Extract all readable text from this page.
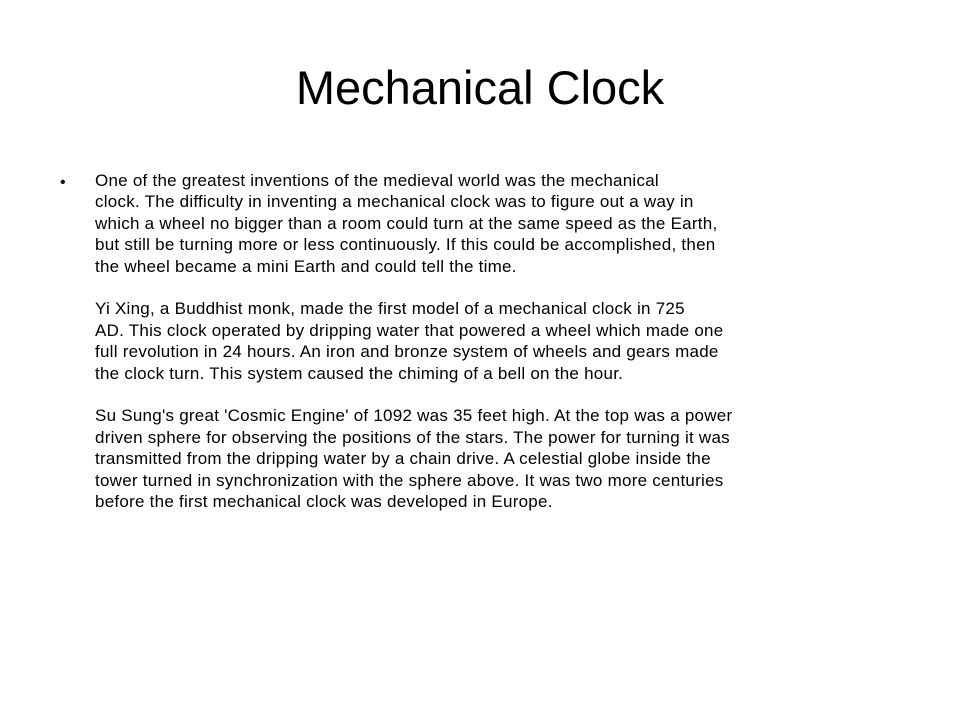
Mechanical Clock
• One of the greatest inventions of the medieval world was the mechanical
clock. The difficulty in inventing a mechanical clock was to figure out a way in
which a wheel no bigger than a room could turn at the same speed as the Earth,
but still be turning more or less continuously. If this could be accomplished, then
the wheel became a mini Earth and could tell the time.

Yi Xing, a Buddhist monk, made the first model of a mechanical clock in 725
AD. This clock operated by dripping water that powered a wheel which made one
full revolution in 24 hours. An iron and bronze system of wheels and gears made
the clock turn. This system caused the chiming of a bell on the hour.

Su Sung's great 'Cosmic Engine' of 1092 was 35 feet high. At the top was a power
driven sphere for observing the positions of the stars. The power for turning it was
transmitted from the dripping water by a chain drive. A celestial globe inside the
tower turned in synchronization with the sphere above. It was two more centuries
before the first mechanical clock was developed in Europe.
